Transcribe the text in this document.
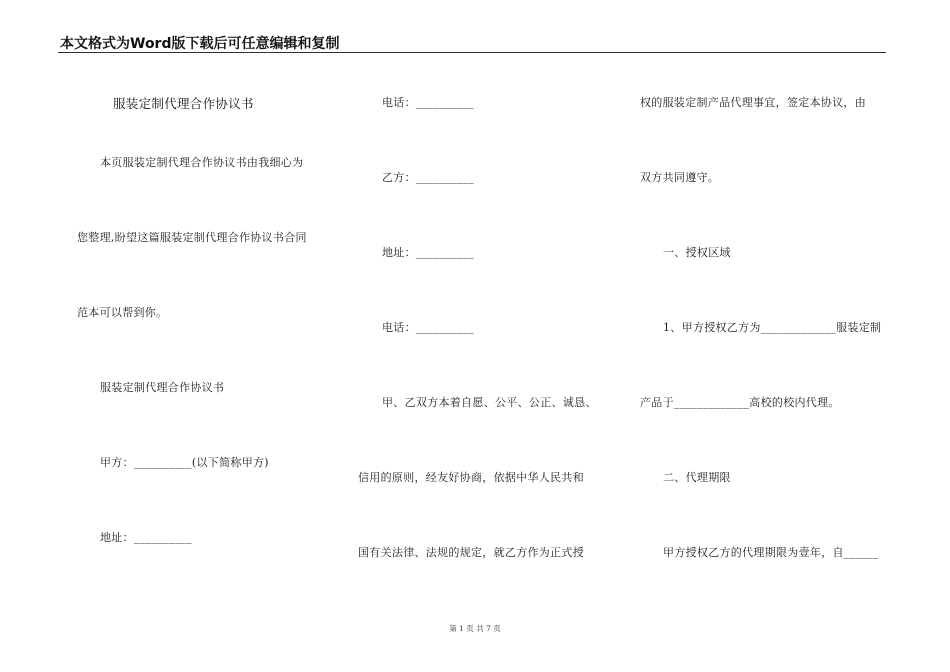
本文格式为Word版下载后可任意编辑和复制
服装定制代理合作协议书
本页服装定制代理合作协议书由我细心为
您整理,盼望这篇服装定制代理合作协议书合同
范本可以帮到你。
服装定制代理合作协议书
甲方：__________(以下简称甲方)
地址：__________
电话：__________
乙方：__________
地址：__________
电话：__________
甲、乙双方本着自愿、公平、公正、诚恳、
信用的原则，经友好协商，依据中华人民共和
国有关法律、法规的规定，就乙方作为正式授
权的服装定制产品代理事宜，签定本协议，由
双方共同遵守。
一、授权区域
1、甲方授权乙方为_____________服装定制
产品于_____________高校的校内代理。
二、代理期限
甲方授权乙方的代理期限为壹年，自______
第 1 页 共 7 页
